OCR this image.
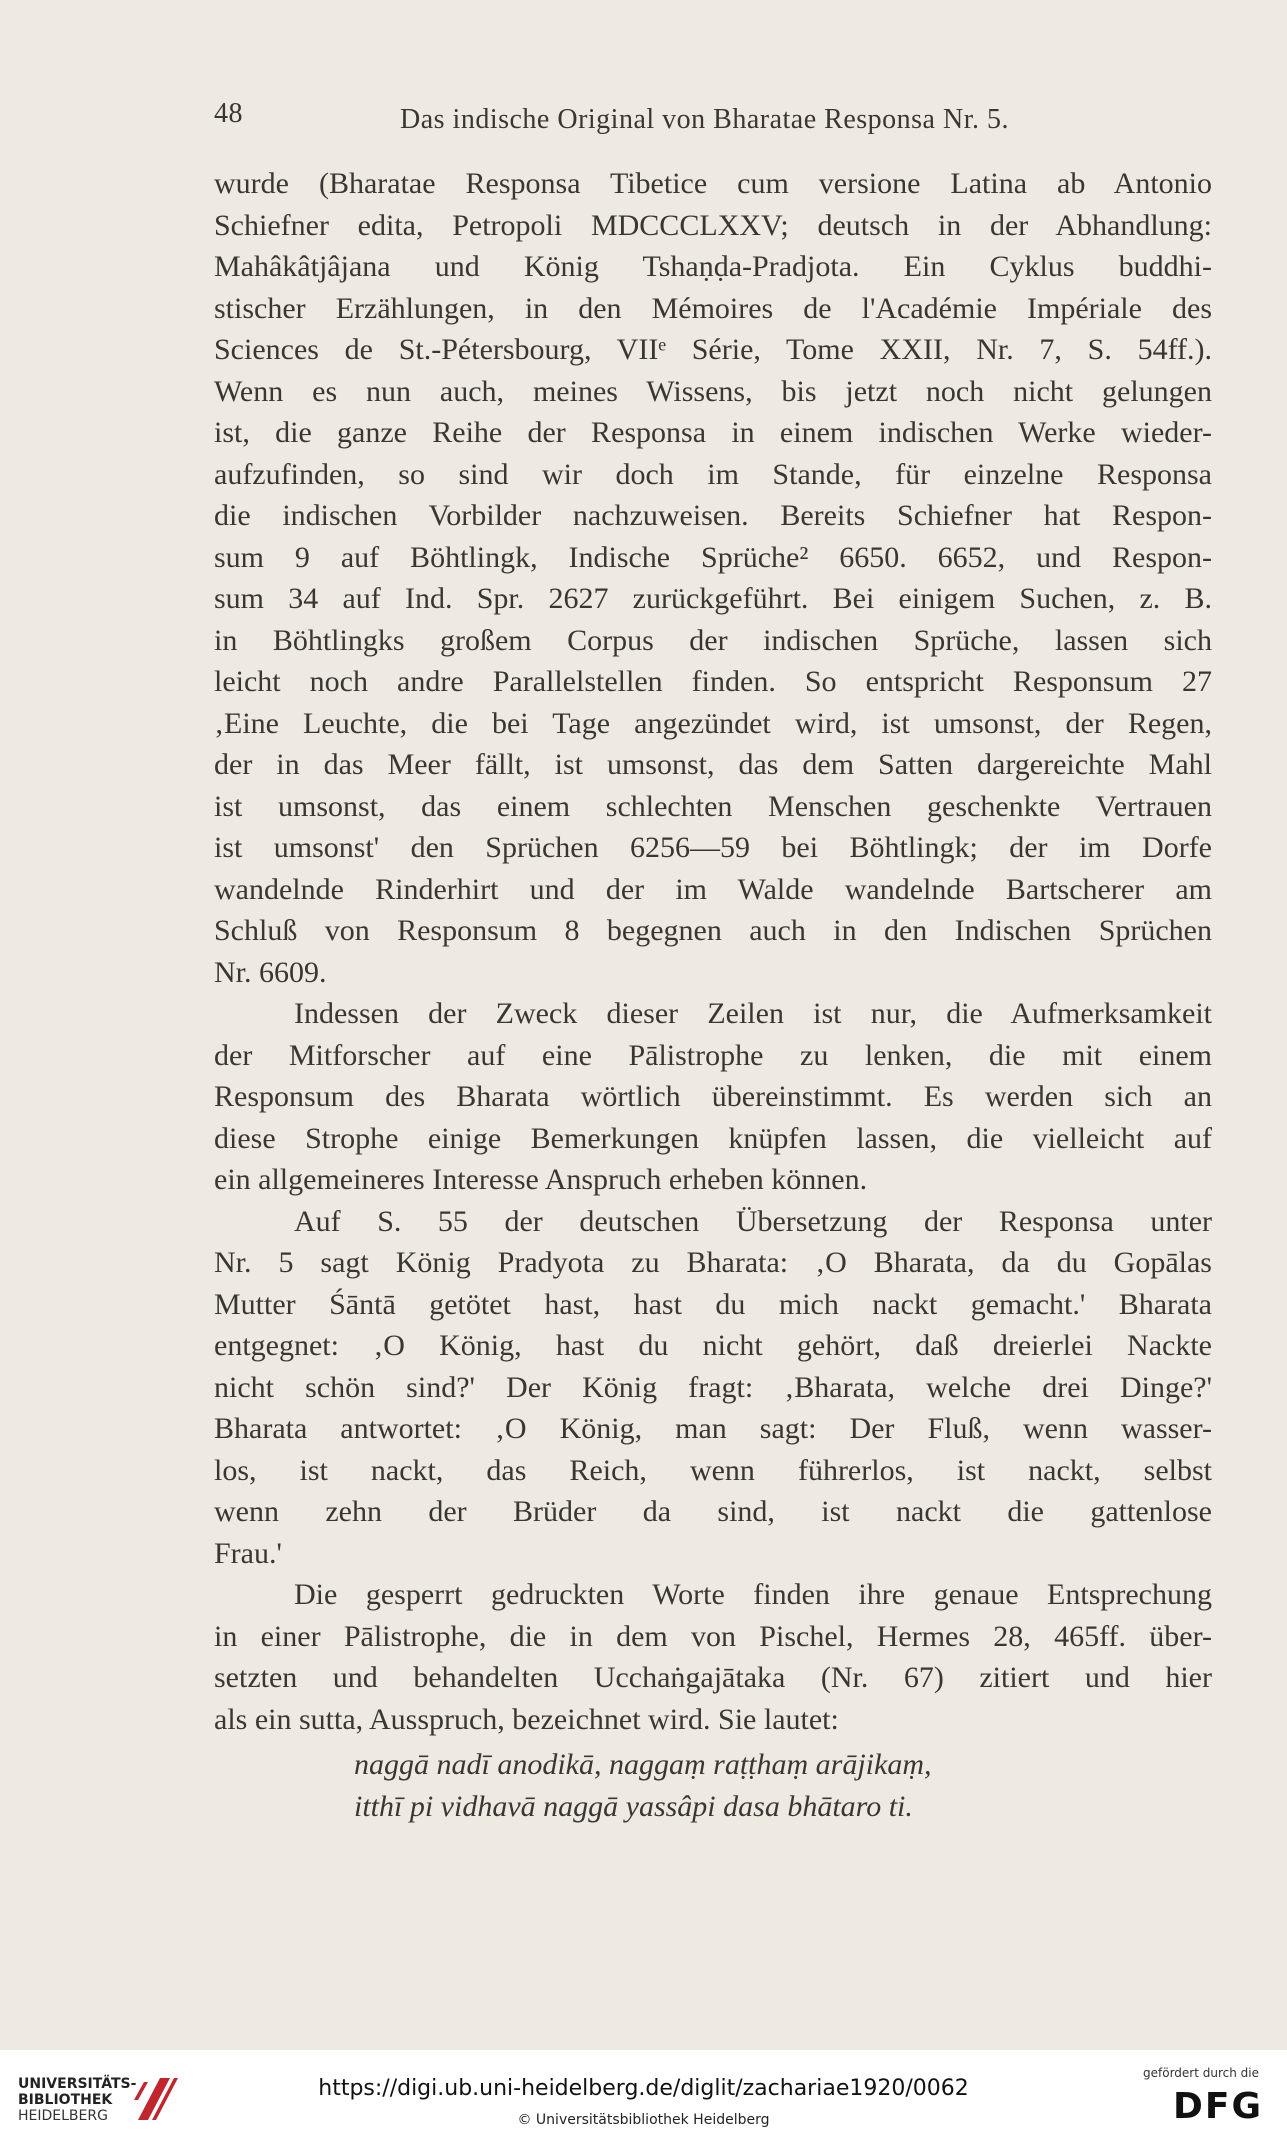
48	Das indische Original von Bharatae Responsa Nr. 5.
wurde (Bharatae Responsa Tibetice cum versione Latina ab Antonio
Schiefner edita, Petropoli MDCCCLXXV; deutsch in der Abhandlung:
Mahâkâtjâjana und König Tshaṇḍa-Pradjota. Ein Cyklus buddhi-
stischer Erzählungen, in den Mémoires de l'Académie Impériale des
Sciences de St.-Pétersbourg, VIIᵉ Série, Tome XXII, Nr. 7, S. 54ff.).
Wenn es nun auch, meines Wissens, bis jetzt noch nicht gelungen
ist, die ganze Reihe der Responsa in einem indischen Werke wieder-
aufzufinden, so sind wir doch im Stande, für einzelne Responsa
die indischen Vorbilder nachzuweisen. Bereits Schiefner hat Respon-
sum 9 auf Böhtlingk, Indische Sprüche² 6650. 6652, und Respon-
sum 34 auf Ind. Spr. 2627 zurückgeführt. Bei einigem Suchen, z. B.
in Böhtlingks großem Corpus der indischen Sprüche, lassen sich
leicht noch andre Parallelstellen finden. So entspricht Responsum 27
‚Eine Leuchte, die bei Tage angezündet wird, ist umsonst, der Regen,
der in das Meer fällt, ist umsonst, das dem Satten dargereichte Mahl
ist umsonst, das einem schlechten Menschen geschenkte Vertrauen
ist umsonst' den Sprüchen 6256—59 bei Böhtlingk; der im Dorfe
wandelnde Rinderhirt und der im Walde wandelnde Bartscherer am
Schluß von Responsum 8 begegnen auch in den Indischen Sprüchen
Nr. 6609.
Indessen der Zweck dieser Zeilen ist nur, die Aufmerksamkeit
der Mitforscher auf eine Pālistrophe zu lenken, die mit einem
Responsum des Bharata wörtlich übereinstimmt. Es werden sich an
diese Strophe einige Bemerkungen knüpfen lassen, die vielleicht auf
ein allgemeineres Interesse Anspruch erheben können.
Auf S. 55 der deutschen Übersetzung der Responsa unter
Nr. 5 sagt König Pradyota zu Bharata: ‚O Bharata, da du Gopālas
Mutter Śāntā getötet hast, hast du mich nackt gemacht.' Bharata
entgegnet: ‚O König, hast du nicht gehört, daß dreierlei Nackte
nicht schön sind?' Der König fragt: ‚Bharata, welche drei Dinge?'
Bharata antwortet: ‚O König, man sagt: Der Fluß, wenn wasser-
los, ist nackt, das Reich, wenn führerlos, ist nackt, selbst
wenn zehn der Brüder da sind, ist nackt die gattenlose
Frau.'
Die gesperrt gedruckten Worte finden ihre genaue Entsprechung
in einer Pālistrophe, die in dem von Pischel, Hermes 28, 465ff. über-
setzten und behandelten Ucchaṅgajātaka (Nr. 67) zitiert und hier
als ein sutta, Ausspruch, bezeichnet wird. Sie lautet:
naggā nadī anodikā, naggaṃ raṭṭhaṃ arājikaṃ,
itthī pi vidhavā naggā yassâpi dasa bhātaro ti.
UNIVERSITÄTS-
BIBLIOTHEK
HEIDELBERG
https://digi.ub.uni-heidelberg.de/diglit/zachariae1920/0062
© Universitätsbibliothek Heidelberg
gefördert durch die
DFG
